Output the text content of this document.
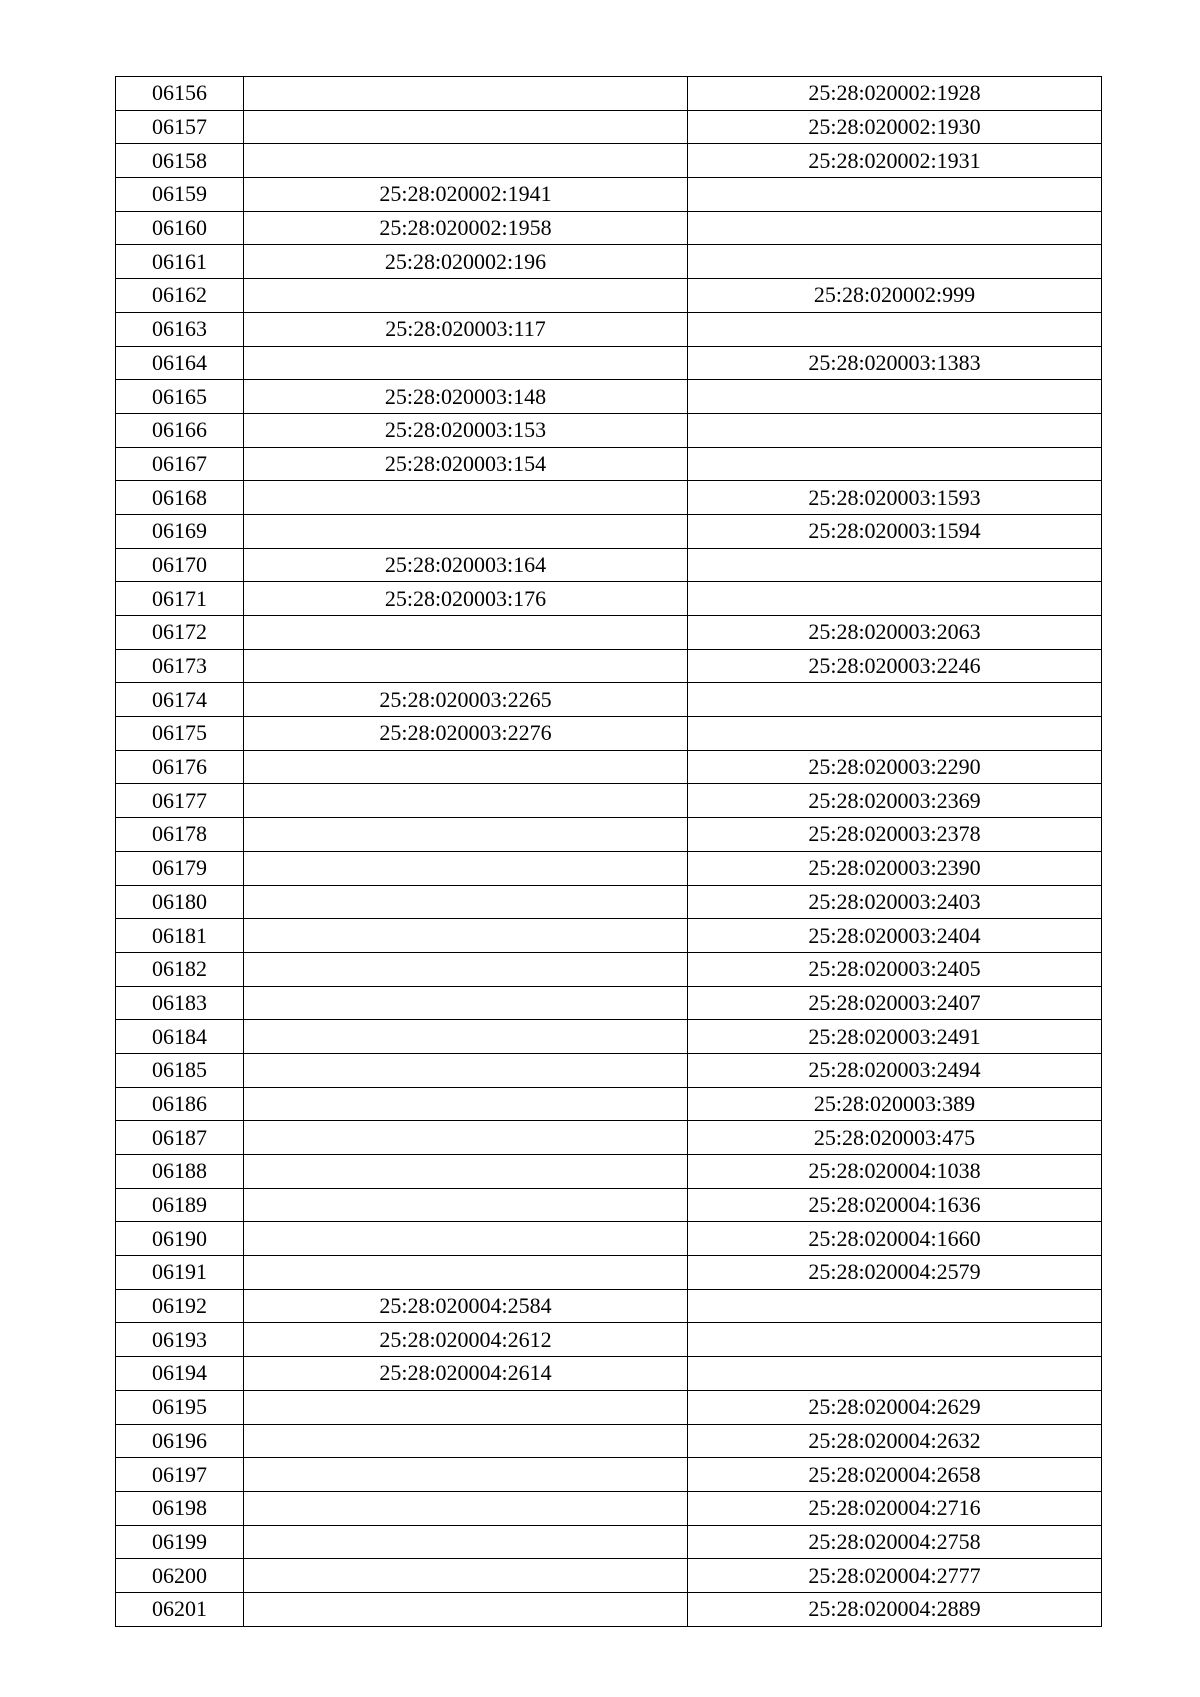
06156		25:28:020002:1928
06157		25:28:020002:1930
06158		25:28:020002:1931
06159	25:28:020002:1941	
06160	25:28:020002:1958	
06161	25:28:020002:196	
06162		25:28:020002:999
06163	25:28:020003:117	
06164		25:28:020003:1383
06165	25:28:020003:148	
06166	25:28:020003:153	
06167	25:28:020003:154	
06168		25:28:020003:1593
06169		25:28:020003:1594
06170	25:28:020003:164	
06171	25:28:020003:176	
06172		25:28:020003:2063
06173		25:28:020003:2246
06174	25:28:020003:2265	
06175	25:28:020003:2276	
06176		25:28:020003:2290
06177		25:28:020003:2369
06178		25:28:020003:2378
06179		25:28:020003:2390
06180		25:28:020003:2403
06181		25:28:020003:2404
06182		25:28:020003:2405
06183		25:28:020003:2407
06184		25:28:020003:2491
06185		25:28:020003:2494
06186		25:28:020003:389
06187		25:28:020003:475
06188		25:28:020004:1038
06189		25:28:020004:1636
06190		25:28:020004:1660
06191		25:28:020004:2579
06192	25:28:020004:2584	
06193	25:28:020004:2612	
06194	25:28:020004:2614	
06195		25:28:020004:2629
06196		25:28:020004:2632
06197		25:28:020004:2658
06198		25:28:020004:2716
06199		25:28:020004:2758
06200		25:28:020004:2777
06201		25:28:020004:2889
